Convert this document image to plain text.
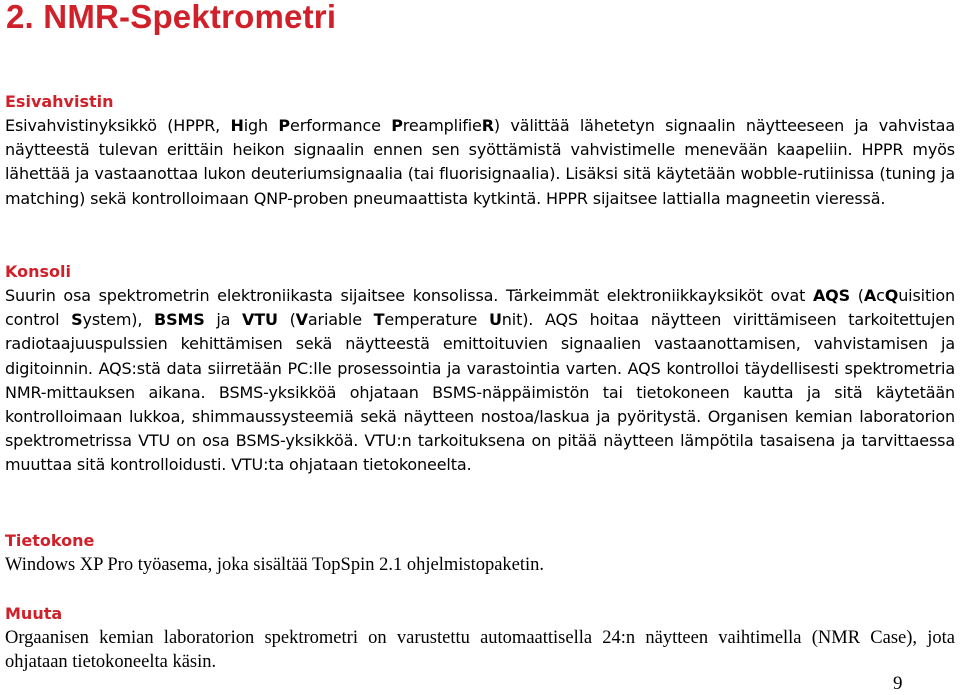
2. NMR-Spektrometri
Esivahvistin
Esivahvistinyksikkö (HPPR, High Performance PreamplifieR) välittää lähetetyn signaalin näytteeseen ja vahvistaa näytteestä tulevan erittäin heikon signaalin ennen sen syöttämistä vahvistimelle menevään kaapeliin. HPPR myös lähettää ja vastaanottaa lukon deuteriumsignaalia (tai fluorisignaalia). Lisäksi sitä käytetään wobble-rutiinissa (tuning ja matching) sekä kontrolloimaan QNP-proben pneumaattista kytkintä. HPPR sijaitsee lattialla magneetin vieressä.
Konsoli
Suurin osa spektrometrin elektroniikasta sijaitsee konsolissa. Tärkeimmät elektroniikkayksiköt ovat AQS (AcQuisition control System), BSMS ja VTU (Variable Temperature Unit). AQS hoitaa näytteen virittämiseen tarkoitettujen radiotaajuuspulssien kehittämisen sekä näytteestä emittoituvien signaalien vastaanottamisen, vahvistamisen ja digitoinnin. AQS:stä data siirretään PC:lle prosessointia ja varastointia varten. AQS kontrolloi täydellisesti spektrometria NMR-mittauksen aikana. BSMS-yksikköä ohjataan BSMS-näppäimistön tai tietokoneen kautta ja sitä käytetään kontrolloimaan lukkoa, shimmaussysteemiä sekä näytteen nostoa/laskua ja pyöritystä. Organisen kemian laboratorion spektrometrissa VTU on osa BSMS-yksikköä. VTU:n tarkoituksena on pitää näytteen lämpötila tasaisena ja tarvittaessa muuttaa sitä kontrolloidusti. VTU:ta ohjataan tietokoneelta.
Tietokone
Windows XP Pro työasema, joka sisältää TopSpin 2.1 ohjelmistopaketin.
Muuta
Orgaanisen kemian laboratorion spektrometri on varustettu automaattisella 24:n näytteen vaihtimella (NMR Case), jota ohjataan tietokoneelta käsin.
9
